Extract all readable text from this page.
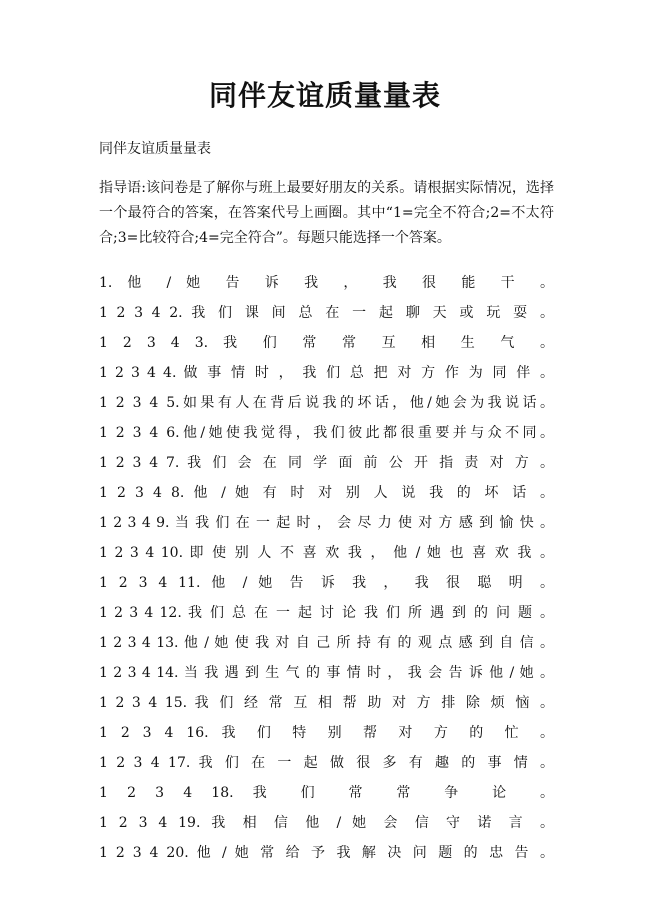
同伴友谊质量量表
同伴友谊质量量表

指导语:该问卷是了解你与班上最要好朋友的关系。请根据实际情况，选择一个最符合的答案，在答案代号上画圈。其中“1=完全不符合;2=不太符合;3=比较符合;4=完全符合”。每题只能选择一个答案。

1. 他 / 她 告 诉 我 ， 我 很 能 干 。
1 2 3 4 2. 我 们 课 间 总 在 一 起 聊 天 或 玩 耍 。
1 2 3 4 3. 我 们 常 常 互 相 生 气 。
1 2 3 4 4. 做 事 情 时 ， 我 们 总 把 对 方 作 为 同 伴 。
1 2 3 4 5.如果有人在背后说我的坏话，他/她会为我说话。
1 2 3 4 6.他/她使我觉得，我们彼此都很重要并与众不同。
1 2 3 4 7. 我 们 会 在 同 学 面 前 公 开 指 责 对 方 。
1 2 3 4 8. 他 / 她 有 时 对 别 人 说 我 的 坏 话 。
1 2 3 4 9. 当 我 们 在 一 起 时 ， 会 尽 力 使 对 方 感 到 愉 快 。
1 2 3 4 10. 即 使 别 人 不 喜 欢 我 ， 他 / 她 也 喜 欢 我 。
1 2 3 4 11. 他 / 她 告 诉 我 ， 我 很 聪 明 。
1 2 3 4 12. 我 们 总 在 一 起 讨 论 我 们 所 遇 到 的 问 题 。
1 2 3 4 13. 他 / 她 使 我 对 自 己 所 持 有 的 观 点 感 到 自 信 。
1 2 3 4 14. 当 我 遇 到 生 气 的 事 情 时 ， 我 会 告 诉 他 / 她 。
1 2 3 4 15. 我 们 经 常 互 相 帮 助 对 方 排 除 烦 恼 。
1 2 3 4 16. 我 们 特 别 帮 对 方 的 忙 。
1 2 3 4 17. 我 们 在 一 起 做 很 多 有 趣 的 事 情 。
1 2 3 4 18. 我 们 常 常 争 论 。
1 2 3 4 19. 我 相 信 他 / 她 会 信 守 诺 言 。
1 2 3 4 20. 他 / 她 常 给 予 我 解 决 问 题 的 忠 告 。
